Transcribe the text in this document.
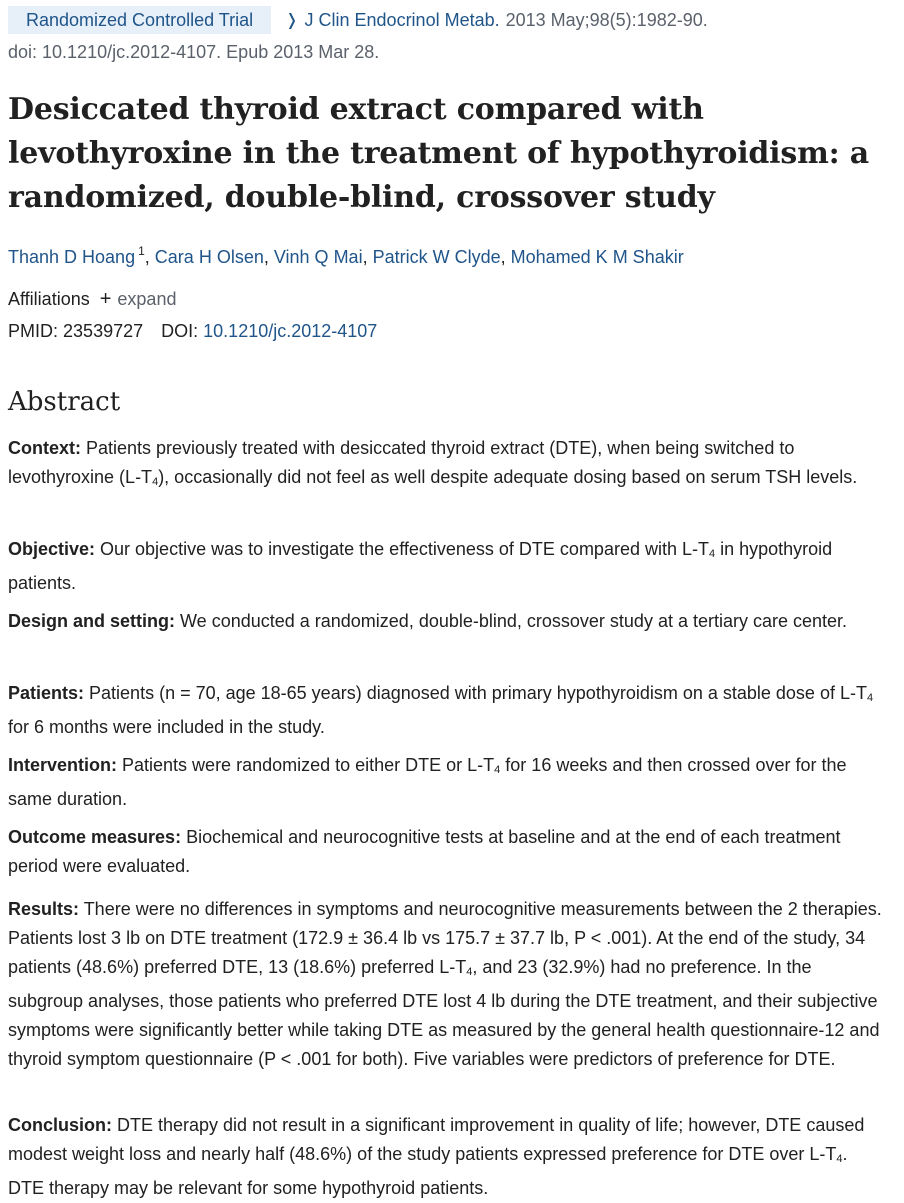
Randomized Controlled Trial	❭ J Clin Endocrinol Metab. 2013 May;98(5):1982-90.
doi: 10.1210/jc.2012-4107. Epub 2013 Mar 28.
Desiccated thyroid extract compared with levothyroxine in the treatment of hypothyroidism: a randomized, double-blind, crossover study
Thanh D Hoang $^1$, Cara H Olsen, Vinh Q Mai, Patrick W Clyde, Mohamed K M Shakir
Affiliations + expand
PMID: 23539727 DOI: 10.1210/jc.2012-4107
Abstract

Context: Patients previously treated with desiccated thyroid extract (DTE), when being switched to levothyroxine $(L-T_4)$, occasionally did not feel as well despite adequate dosing based on serum TSH levels.

Objective: Our objective was to investigate the effectiveness of DTE compared with $L-T_4$ in hypothyroid patients.

Design and setting: We conducted a randomized, double-blind, crossover study at a tertiary care center.

Patients: Patients (n = 70, age 18-65 years) diagnosed with primary hypothyroidism on a stable dose of $L-T_4$ for 6 months were included in the study.

Intervention: Patients were randomized to either DTE or $L-T_4$ for 16 weeks and then crossed over for the same duration.

Outcome measures: Biochemical and neurocognitive tests at baseline and at the end of each treatment period were evaluated.

Results: There were no differences in symptoms and neurocognitive measurements between the 2 therapies. Patients lost 3 lb on DTE treatment (172.9 ± 36.4 lb vs 175.7 ± 37.7 lb, P < .001). At the end of the study, 34 patients (48.6%) preferred DTE, 13 (18.6%) preferred $L-T_4$, and 23 (32.9%) had no preference. In the subgroup analyses, those patients who preferred DTE lost 4 lb during the DTE treatment, and their subjective symptoms were significantly better while taking DTE as measured by the general health questionnaire-12 and thyroid symptom questionnaire (P < .001 for both). Five variables were predictors of preference for DTE.

Conclusion: DTE therapy did not result in a significant improvement in quality of life; however, DTE caused modest weight loss and nearly half (48.6%) of the study patients expressed preference for DTE over $L-T_4$. DTE therapy may be relevant for some hypothyroid patients.
